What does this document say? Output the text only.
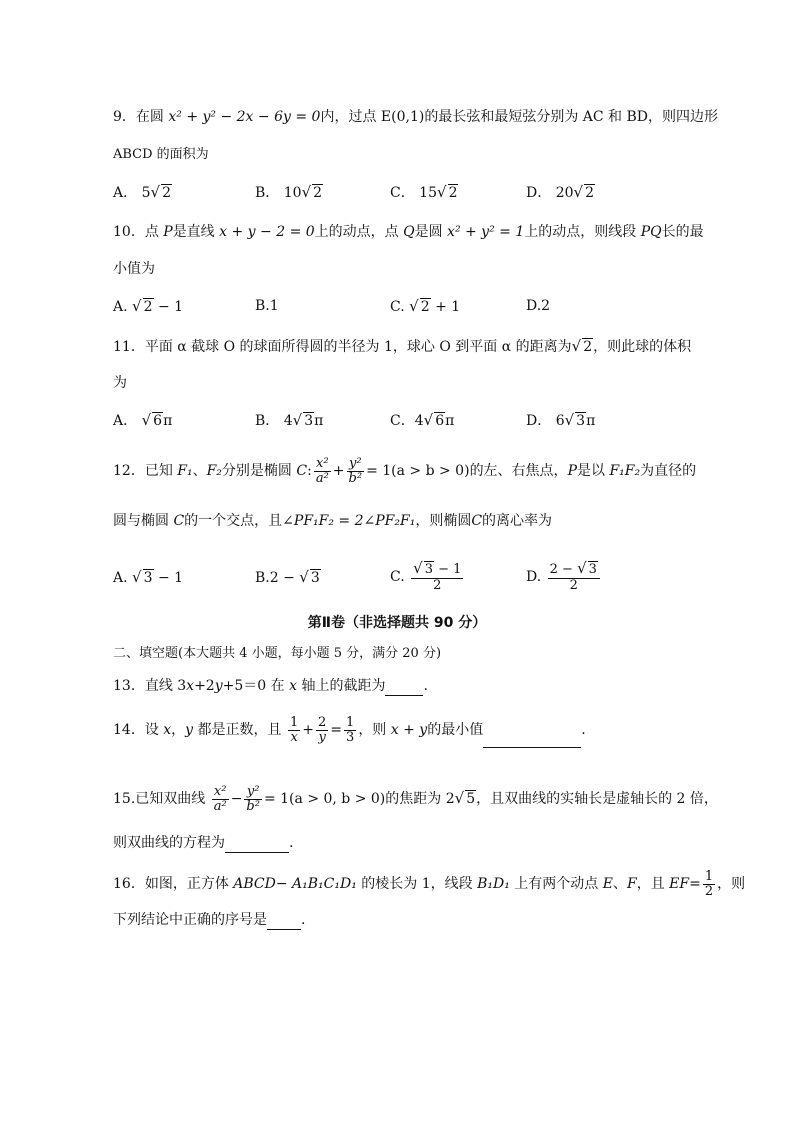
9．在圆 x² + y² − 2x − 6y = 0内，过点 E(0,1)的最长弦和最短弦分别为 AC 和 BD，则四边形
ABCD 的面积为
A． 5√ 2	B． 10√ 2	C． 15√ 2	D． 20√ 2
10．点 P是直线 x + y − 2 = 0上的动点，点 Q是圆 x² + y² = 1上的动点，则线段 PQ长的最
小值为
A. √ 2 − 1	B.1	C. √ 2 + 1	D.2
11．平面 α 截球 O 的球面所得圆的半径为 1，球心 O 到平面 α 的距离为√ 2，则此球的体积
为
A． √ 6π	B． 4√ 3π	C．4√ 6π	D． 6√ 3π
12．已知 F₁、F₂分别是椭圆 C: $\frac{\text{x²}}{\text{a²}} + \frac{\text{y²}}{\text{b²}} = 1(a > b > 0)$的左、右焦点，P是以 F₁F₂为直径的
圆与椭圆 C的一个交点，且∠PF₁F₂ = 2∠PF₂F₁，则椭圆C的离心率为
A. √ 3 − 1	B.2 − √ 3	C. $\frac{√ 3 - 1}{2}$	D. $\frac{2 - √ 3}{2}$
第Ⅱ卷（非选择题共 90 分）
二、填空题(本大题共 4 小题，每小题 5 分，满分 20 分)
13．直线 3x+2y+5＝0 在 x 轴上的截距为	.
14．设 x，y 都是正数，且 $\frac{1}{x} + \frac{2}{y} = \frac{1}{3}$ ，则 x + y的最小值	.
15.已知双曲线 $\frac{\text{x²}}{\text{a²}} - \frac{\text{y²}}{\text{b²}} = 1(a > 0$, b > 0)的焦距为 2√ 5，且双曲线的实轴长是虚轴长的 2 倍，
则双曲线的方程为	.
16．如图，正方体 ABCD− A₁B₁C₁D₁ 的棱长为 1，线段 B₁D₁ 上有两个动点 E、F，且 $EF= \frac{1}{2}$ ，则
下列结论中正确的序号是 .
